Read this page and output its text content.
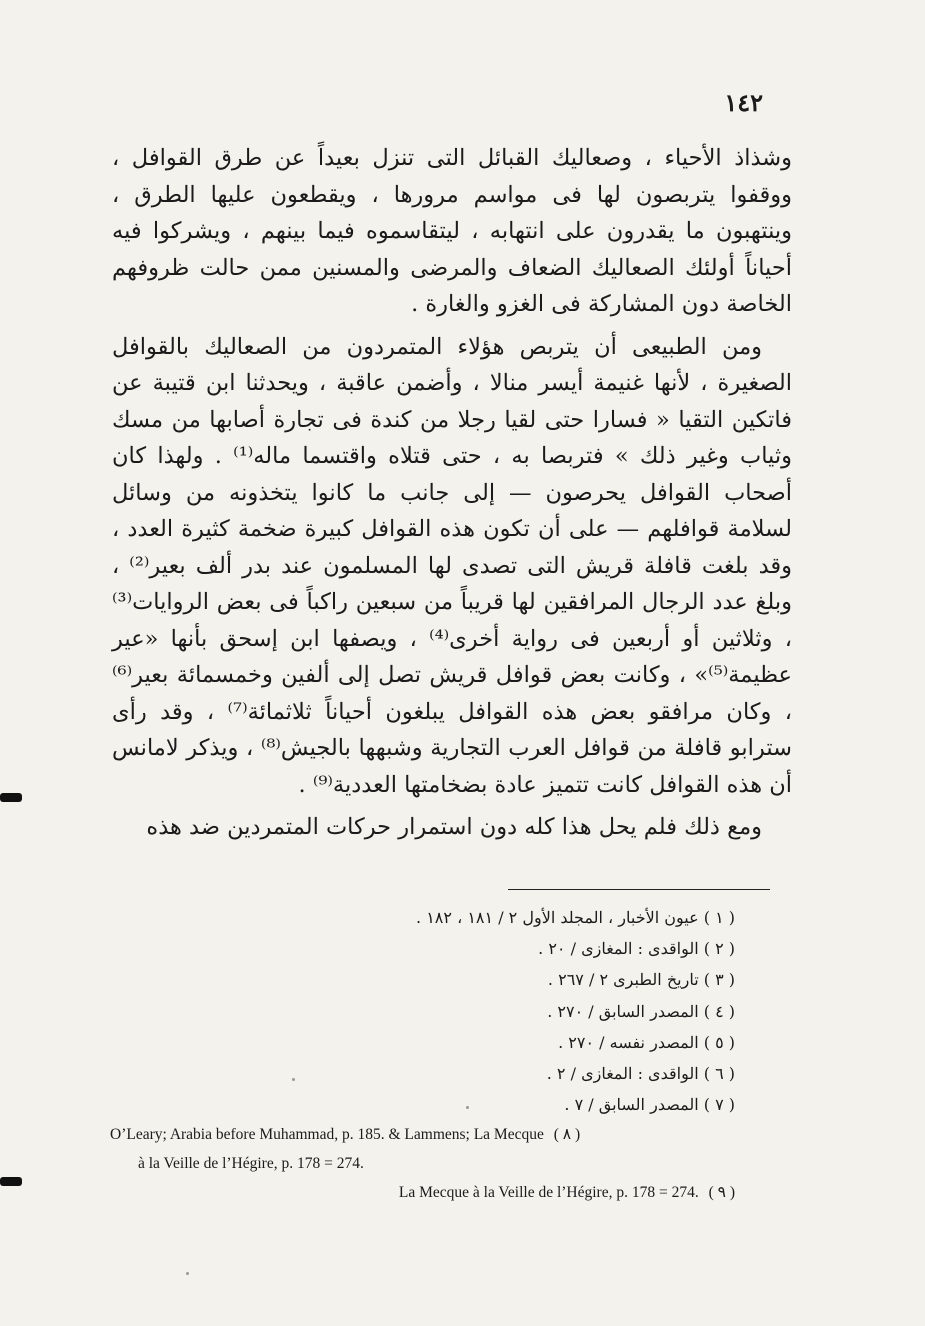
١٤٢

وشذاذ الأحياء ، وصعاليك القبائل التى تنزل بعيداً عن طرق القوافل ، ووقفوا يتربصون لها فى مواسم مرورها ، ويقطعون عليها الطرق ، وينتهبون ما يقدرون على انتهابه ، ليتقاسموه فيما بينهم ، ويشركوا فيه أحياناً أولئك الصعاليك الضعاف والمرضى والمسنين ممن حالت ظروفهم الخاصة دون المشاركة فى الغزو والغارة .

ومن الطبيعى أن يتربص هؤلاء المتمردون من الصعاليك بالقوافل الصغيرة ، لأنها غنيمة أيسر منالا ، وأضمن عاقبة ، ويحدثنا ابن قتيبة عن فاتكين التقيا « فسارا حتى لقيا رجلا من كندة فى تجارة أصابها من مسك وثياب وغير ذلك » فتربصا به ، حتى قتلاه واقتسما ماله⁽¹⁾ . ولهذا كان أصحاب القوافل يحرصون — إلى جانب ما كانوا يتخذونه من وسائل لسلامة قوافلهم — على أن تكون هذه القوافل كبيرة ضخمة كثيرة العدد ، وقد بلغت قافلة قريش التى تصدى لها المسلمون عند بدر ألف بعير⁽²⁾ ، وبلغ عدد الرجال المرافقين لها قريباً من سبعين راكباً فى بعض الروايات⁽³⁾ ، وثلاثين أو أربعين فى رواية أخرى⁽⁴⁾ ، ويصفها ابن إسحق بأنها «عير عظيمة⁽⁵⁾» ، وكانت بعض قوافل قريش تصل إلى ألفين وخمسمائة بعير⁽⁶⁾ ، وكان مرافقو بعض هذه القوافل يبلغون أحياناً ثلاثمائة⁽⁷⁾ ، وقد رأى سترابو قافلة من قوافل العرب التجارية وشبهها بالجيش⁽⁸⁾ ، ويذكر لامانس أن هذه القوافل كانت تتميز عادة بضخامتها العددية⁽⁹⁾ .

ومع ذلك فلم يحل هذا كله دون استمرار حركات المتمردين ضد هذه

( ١ ) عيون الأخبار ، المجلد الأول ٢ / ١٨١ ، ١٨٢ .
( ٢ ) الواقدى : المغازى / ٢٠ .
( ٣ ) تاريخ الطبرى ٢ / ٢٦٧ .
( ٤ ) المصدر السابق / ٢٧٠ .
( ٥ ) المصدر نفسه / ٢٧٠ .
( ٦ ) الواقدى : المغازى / ٢ .
( ٧ ) المصدر السابق / ٧ .
O’Leary; Arabia before Muhammad, p. 185. & Lammens; La Mecque ( ٨ )
à la Veille de l’Hégire, p. 178 = 274.
La Mecque à la Veille de l’Hégire, p. 178 = 274. ( ٩ )
